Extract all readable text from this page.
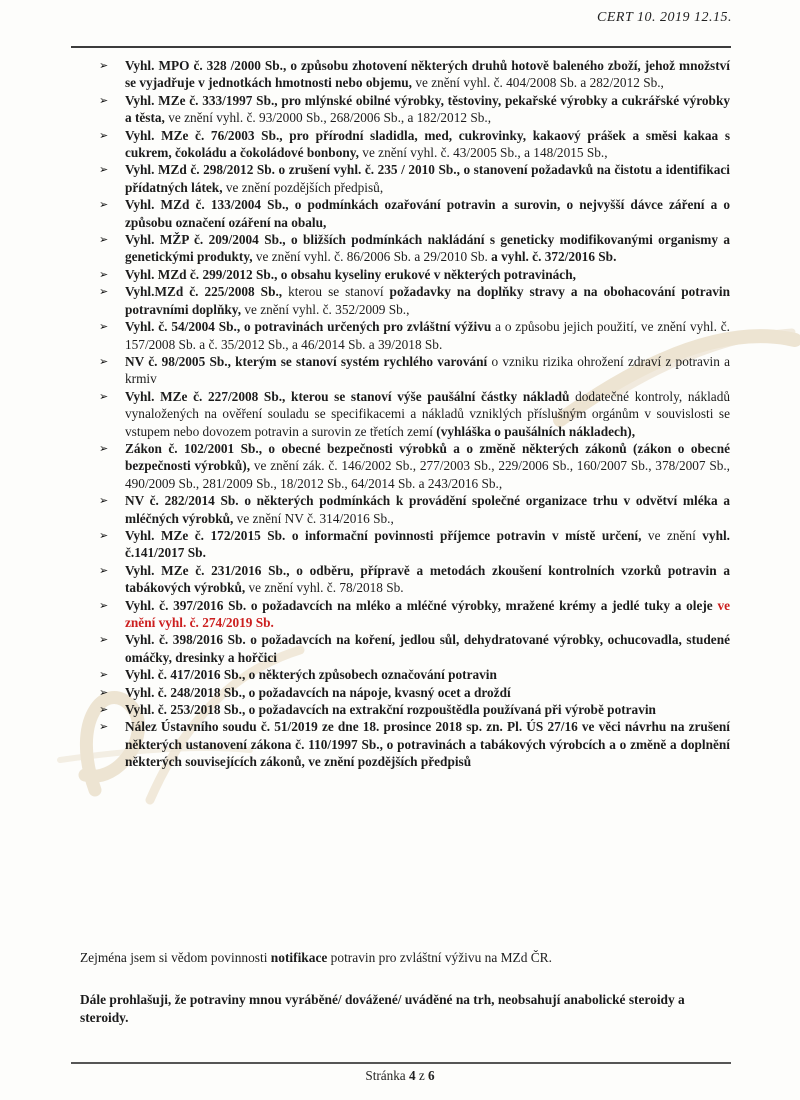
CERT 10. 2019 12.15.
➢ Vyhl. MPO č. 328 /2000 Sb., o způsobu zhotovení některých druhů hotově baleného zboží, jehož množství se vyjadřuje v jednotkách hmotnosti nebo objemu, ve znění vyhl. č. 404/2008 Sb. a 282/2012 Sb.,
➢ Vyhl. MZe č. 333/1997 Sb., pro mlýnské obilné výrobky, těstoviny, pekařské výrobky a cukrářské výrobky a těsta, ve znění vyhl. č. 93/2000 Sb., 268/2006 Sb., a 182/2012 Sb.,
➢ Vyhl. MZe č. 76/2003 Sb., pro přírodní sladidla, med, cukrovinky, kakaový prášek a směsi kakaa s cukrem, čokoládu a čokoládové bonbony, ve znění vyhl. č. 43/2005 Sb., a 148/2015 Sb.,
➢ Vyhl. MZd č. 298/2012 Sb. o zrušení vyhl. č. 235 / 2010 Sb., o stanovení požadavků na čistotu a identifikaci přídatných látek, ve znění pozdějších předpisů,
➢ Vyhl. MZd č. 133/2004 Sb., o podmínkách ozařování potravin a surovin, o nejvyšší dávce záření a o způsobu označení ozáření na obalu,
➢ Vyhl. MŽP č. 209/2004 Sb., o bližších podmínkách nakládání s geneticky modifikovanými organismy a genetickými produkty, ve znění vyhl. č. 86/2006 Sb. a 29/2010 Sb. a vyhl. č. 372/2016 Sb.
➢ Vyhl. MZd č. 299/2012 Sb., o obsahu kyseliny erukové v některých potravinách,
➢ Vyhl.MZd č. 225/2008 Sb., kterou se stanoví požadavky na doplňky stravy a na obohacování potravin potravními doplňky, ve znění vyhl. č. 352/2009 Sb.,
➢ Vyhl. č. 54/2004 Sb., o potravinách určených pro zvláštní výživu a o způsobu jejich použití, ve znění vyhl. č. 157/2008 Sb. a č. 35/2012 Sb., a 46/2014 Sb. a 39/2018 Sb.
➢ NV č. 98/2005 Sb., kterým se stanoví systém rychlého varování o vzniku rizika ohrožení zdraví z potravin a krmiv
➢ Vyhl. MZe č. 227/2008 Sb., kterou se stanoví výše paušální částky nákladů dodatečné kontroly, nákladů vynaložených na ověření souladu se specifikacemi a nákladů vzniklých příslušným orgánům v souvislosti se vstupem nebo dovozem potravin a surovin ze třetích zemí (vyhláška o paušálních nákladech),
➢ Zákon č. 102/2001 Sb., o obecné bezpečnosti výrobků a o změně některých zákonů (zákon o obecné bezpečnosti výrobků), ve znění zák. č. 146/2002 Sb., 277/2003 Sb., 229/2006 Sb., 160/2007 Sb., 378/2007 Sb., 490/2009 Sb., 281/2009 Sb., 18/2012 Sb., 64/2014 Sb. a 243/2016 Sb.,
➢ NV č. 282/2014 Sb. o některých podmínkách k provádění společné organizace trhu v odvětví mléka a mléčných výrobků, ve znění NV č. 314/2016 Sb.,
➢ Vyhl. MZe č. 172/2015 Sb. o informační povinnosti příjemce potravin v místě určení, ve znění vyhl. č.141/2017 Sb.
➢ Vyhl. MZe č. 231/2016 Sb., o odběru, přípravě a metodách zkoušení kontrolních vzorků potravin a tabákových výrobků, ve znění vyhl. č. 78/2018 Sb.
➢ Vyhl. č. 397/2016 Sb. o požadavcích na mléko a mléčné výrobky, mražené krémy a jedlé tuky a oleje ve znění vyhl. č. 274/2019 Sb.
➢ Vyhl. č. 398/2016 Sb. o požadavcích na koření, jedlou sůl, dehydratované výrobky, ochucovadla, studené omáčky, dresinky a hořčici
➢ Vyhl. č. 417/2016 Sb., o některých způsobech označování potravin
➢ Vyhl. č. 248/2018 Sb., o požadavcích na nápoje, kvasný ocet a droždí
➢ Vyhl. č. 253/2018 Sb., o požadavcích na extrakční rozpouštědla používaná při výrobě potravin
➢ Nález Ústavního soudu č. 51/2019 ze dne 18. prosince 2018 sp. zn. Pl. ÚS 27/16 ve věci návrhu na zrušení některých ustanovení zákona č. 110/1997 Sb., o potravinách a tabákových výrobcích a o změně a doplnění některých souvisejících zákonů, ve znění pozdějších předpisů
Zejména jsem si vědom povinnosti notifikace potravin pro zvláštní výživu na MZd ČR.
Dále prohlašuji, že potraviny mnou vyráběné/ dovážené/ uváděné na trh, neobsahují anabolické steroidy a steroidy.
Stránka 4 z 6
